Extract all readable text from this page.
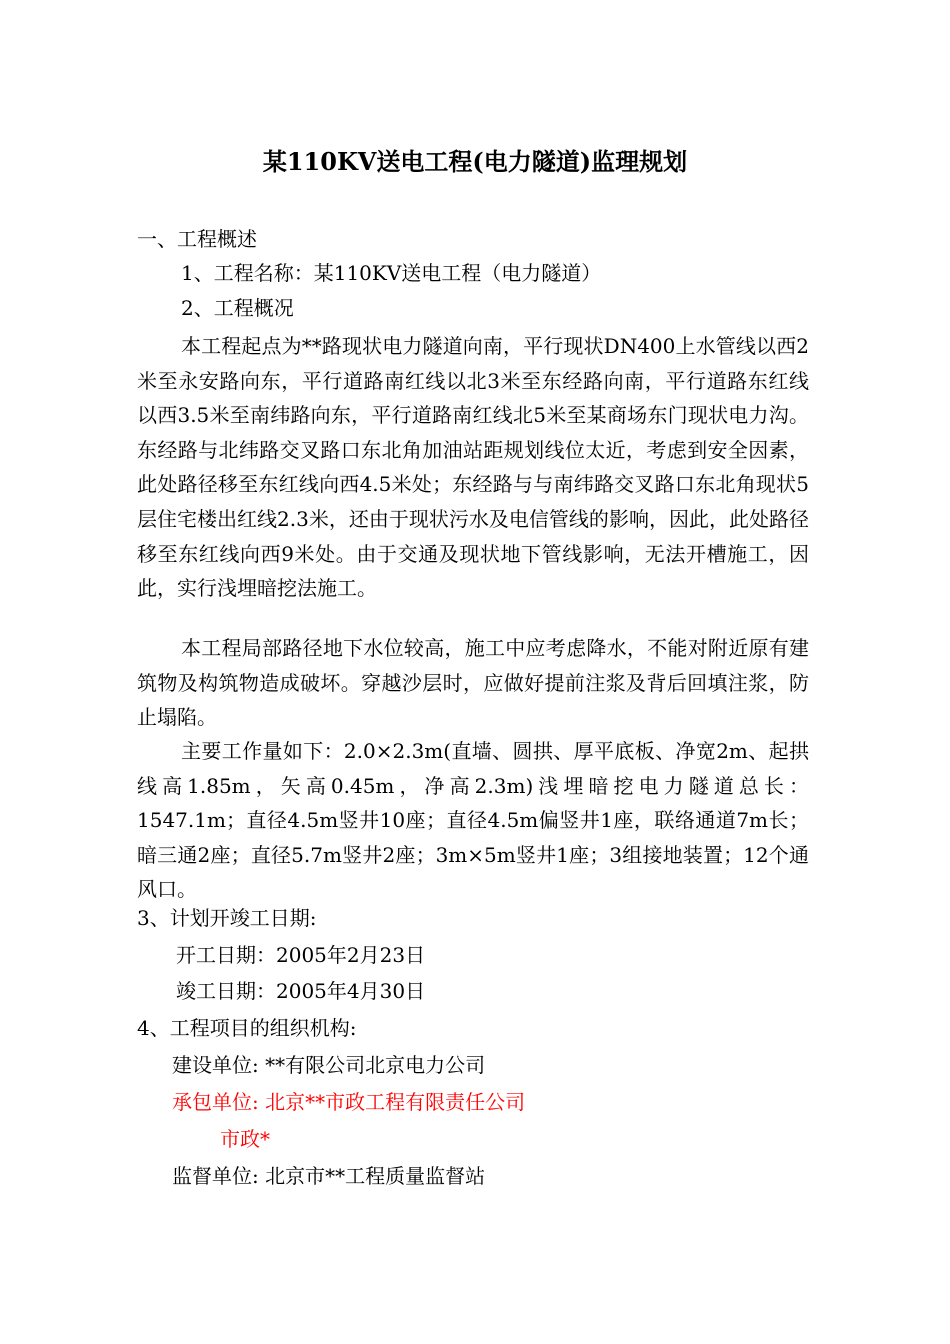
某110KV送电工程(电力隧道)监理规划
一、工程概述
1、工程名称：某110KV送电工程（电力隧道）
2、工程概况
本工程起点为**路现状电力隧道向南，平行现状DN400上水管线以西2米至永安路向东，平行道路南红线以北3米至东经路向南，平行道路东红线以西3.5米至南纬路向东，平行道路南红线北5米至某商场东门现状电力沟。东经路与北纬路交叉路口东北角加油站距规划线位太近，考虑到安全因素，此处路径移至东红线向西4.5米处；东经路与与南纬路交叉路口东北角现状5层住宅楼出红线2.3米，还由于现状污水及电信管线的影响，因此，此处路径移至东红线向西9米处。由于交通及现状地下管线影响，无法开槽施工，因此，实行浅埋暗挖法施工。
本工程局部路径地下水位较高，施工中应考虑降水，不能对附近原有建筑物及构筑物造成破坏。穿越沙层时，应做好提前注浆及背后回填注浆，防止塌陷。
主要工作量如下：2.0×2.3m(直墙、圆拱、厚平底板、净宽2m、起拱线高1.85m，矢高0.45m，净高2.3m)浅埋暗挖电力隧道总长：1547.1m；直径4.5m竖井10座；直径4.5m偏竖井1座，联络通道7m长；暗三通2座；直径5.7m竖井2座；3m×5m竖井1座；3组接地装置；12个通风口。
3、计划开竣工日期:
开工日期：2005年2月23日
竣工日期：2005年4月30日
4、工程项目的组织机构:
建设单位: **有限公司北京电力公司
承包单位: 北京**市政工程有限责任公司
市政*
监督单位: 北京市**工程质量监督站
